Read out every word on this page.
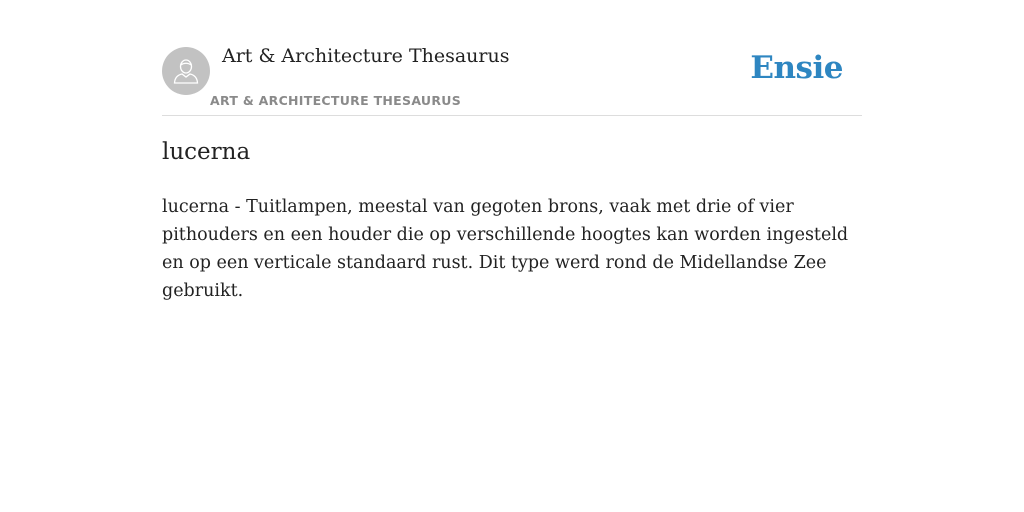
Art & Architecture Thesaurus
ART & ARCHITECTURE THESAURUS
Ensie
lucerna
lucerna - Tuitlampen, meestal van gegoten brons, vaak met drie of vier pithouders en een houder die op verschillende hoogtes kan worden ingesteld en op een verticale standaard rust. Dit type werd rond de Midellandse Zee gebruikt.
